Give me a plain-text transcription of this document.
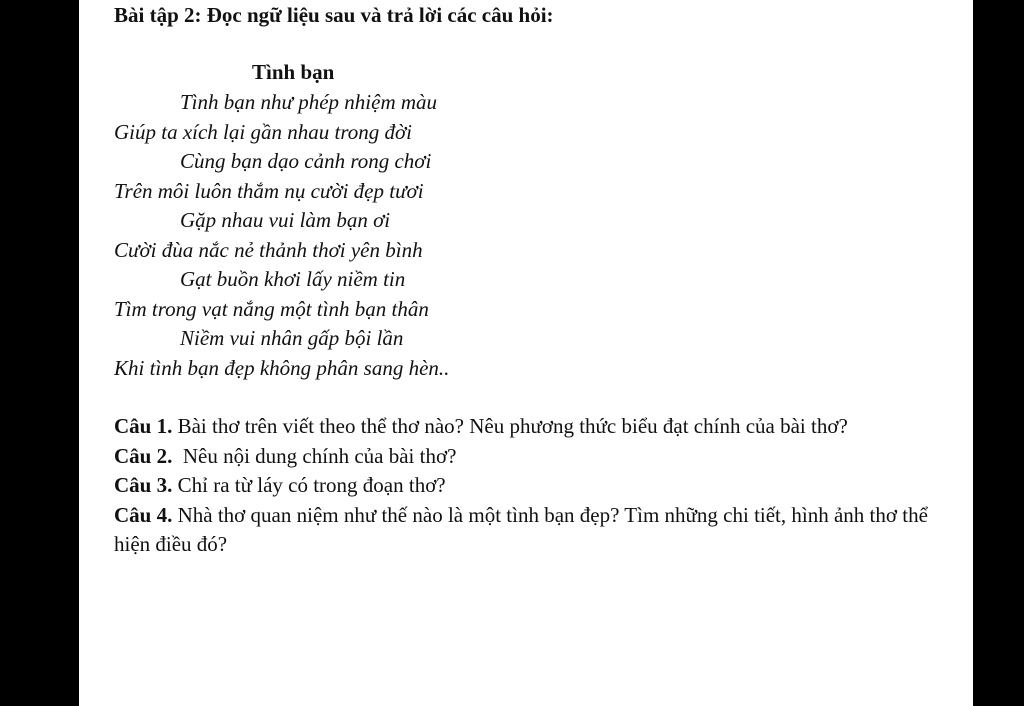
Bài tập 2: Đọc ngữ liệu sau và trả lời các câu hỏi:
Tình bạn
Tình bạn như phép nhiệm màu
Giúp ta xích lại gần nhau trong đời
Cùng bạn dạo cảnh rong chơi
Trên môi luôn thắm nụ cười đẹp tươi
Gặp nhau vui làm bạn ơi
Cười đùa nắc nẻ thảnh thơi yên bình
Gạt buồn khơi lấy niềm tin
Tìm trong vạt nắng một tình bạn thân
Niềm vui nhân gấp bội lần
Khi tình bạn đẹp không phân sang hèn..

Câu 1. Bài thơ trên viết theo thể thơ nào? Nêu phương thức biểu đạt chính của bài thơ?

Câu 2.  Nêu nội dung chính của bài thơ?

Câu 3. Chỉ ra từ láy có trong đoạn thơ?

Câu 4. Nhà thơ quan niệm như thế nào là một tình bạn đẹp? Tìm những chi tiết, hình ảnh thơ thể hiện điều đó?
